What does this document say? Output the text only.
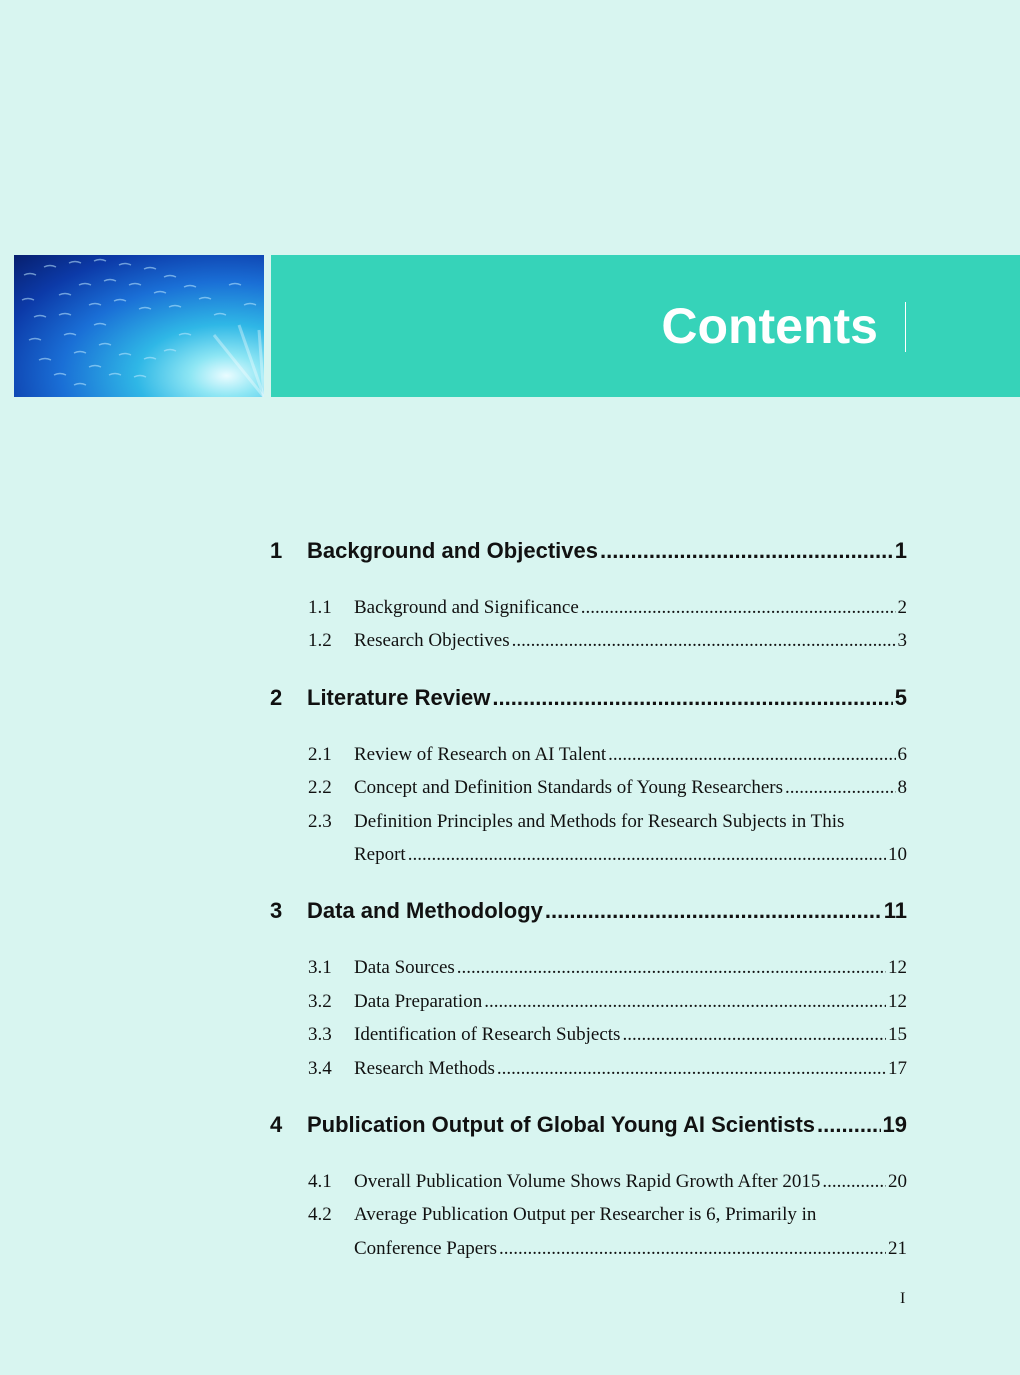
Contents
1	Background and Objectives .....	1
1.1	Background and Significance .....	2
1.2	Research Objectives .....	3
2	Literature Review .....	5
2.1	Review of Research on AI Talent .....	6
2.2	Concept and Definition Standards of Young Researchers .....	8
2.3	Definition Principles and Methods for Research Subjects in This
Report .....	10
3	Data and Methodology .....	11
3.1	Data Sources .....	12
3.2	Data Preparation .....	12
3.3	Identification of Research Subjects .....	15
3.4	Research Methods .....	17
4	Publication Output of Global Young AI Scientists .....	19
4.1	Overall Publication Volume Shows Rapid Growth After 2015 .....	20
4.2	Average Publication Output per Researcher is 6, Primarily in
Conference Papers .....	21
I
